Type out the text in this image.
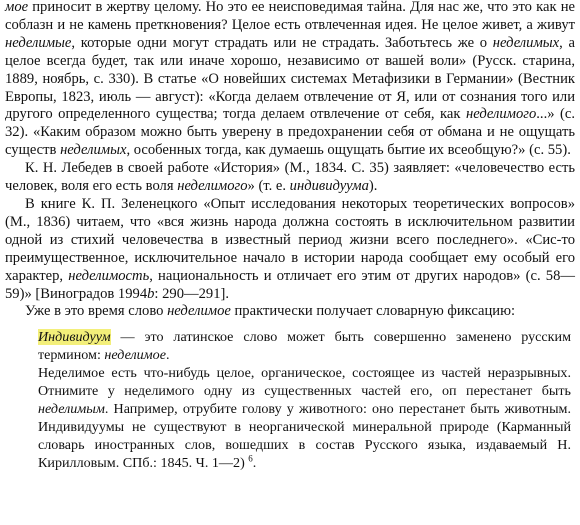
мое приносит в жертву целому. Но это ее неисповедимая тайна. Для нас же, что это как не соблазн и не камень преткновения? Целое есть отвлеченная идея. Не целое живет, а живут неделимые, которые одни могут страдать или не страдать. Заботьтесь же о неделимых, а целое всегда будет, так или иначе хорошо, независимо от вашей воли» (Русск. старина, 1889, ноябрь, с. 330). В статье «О новейших системах Метафизики в Германии» (Вестник Европы, 1823, июль — август): «Когда делаем отвлечение от Я, или от сознания того или другого определенного существа; тогда делаем отвлечение от себя, как неделимого...» (с. 32). «Каким образом можно быть уверену в предохранении себя от обмана и не ощущать существ неделимых, особенных тогда, как думаешь ощущать бытие их всеобщую?» (с. 55).

К. Н. Лебедев в своей работе «История» (М., 1834. С. 35) заявляет: «человечество есть человек, воля его есть воля неделимого» (т. е. индивидуума).

В книге К. П. Зеленецкого «Опыт исследования некоторых теоретических вопросов» (М., 1836) читаем, что «вся жизнь народа должна состоять в исключительном развитии одной из стихий человечества в известный период жизни всего последнего». «Сис-то преимущественное, исключительное начало в истории народа сообщает ему особый его характер, неделимость, национальность и отличает его этим от других народов» (с. 58—59)» [Виноградов 1994b: 290—291].

Уже в это время слово неделимое практически получает словарную фиксацию:

Индивидуум — это латинское слово может быть совершенно заменено русским термином: неделимое.

Неделимое есть что-нибудь целое, органическое, состоящее из частей неразрывных. Отнимите у неделимого одну из существенных частей его, оп перестанет быть неделимым. Например, отрубите голову у животного: оно перестанет быть животным. Индивидуумы не существуют в неорганической минеральной природе (Карманный словарь иностранных слов, вошедших в состав Русского языка, издаваемый Н. Кирилловым. СПб.: 1845. Ч. 1—2) $^6$.
